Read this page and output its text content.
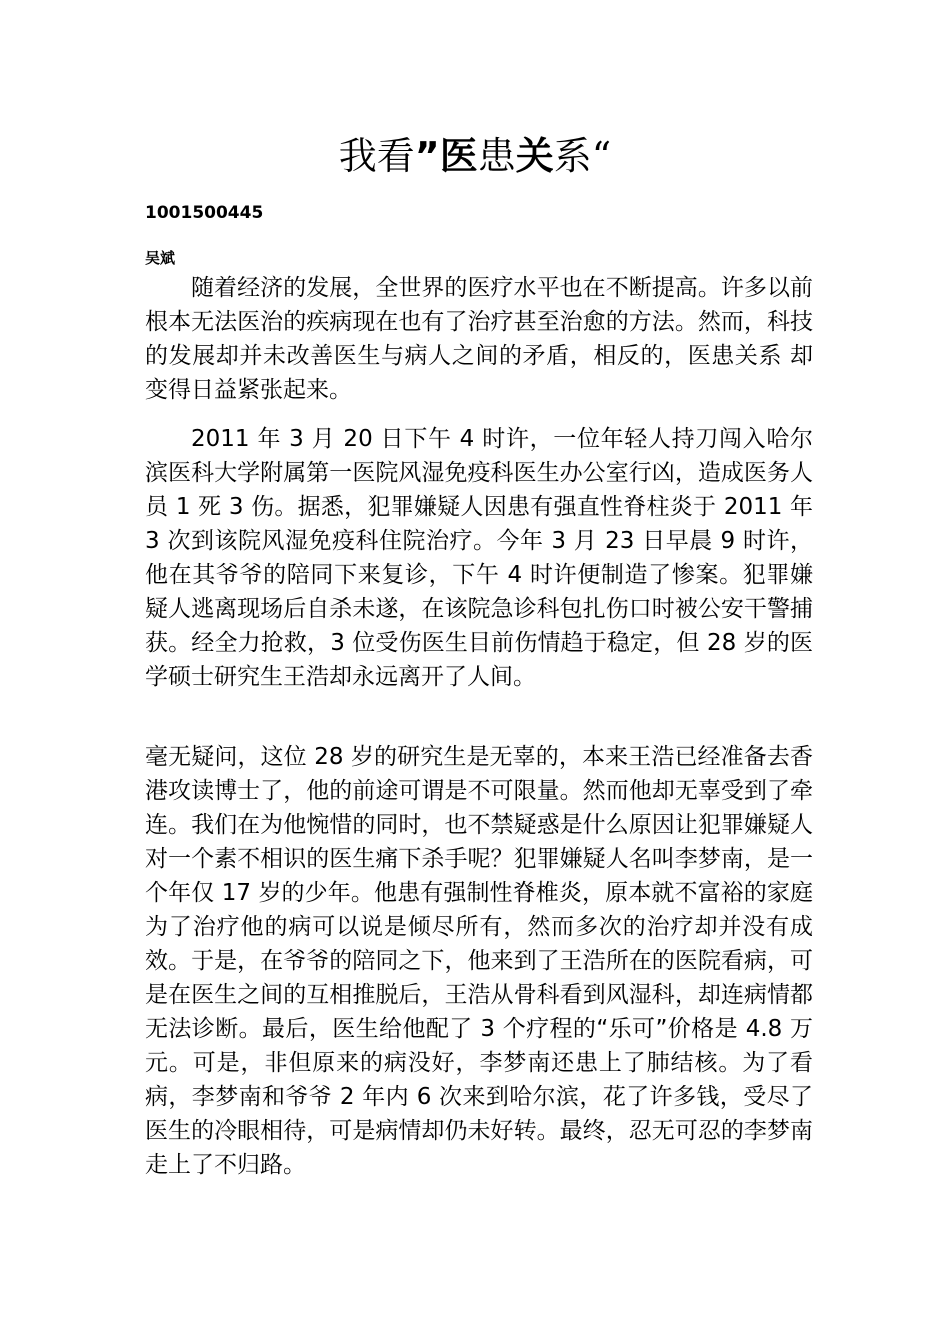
我看”医患关系“
1001500445
吴斌
随着经济的发展，全世界的医疗水平也在不断提高。许多以前根本无法医治的疾病现在也有了治疗甚至治愈的方法。然而，科技的发展却并未改善医生与病人之间的矛盾，相反的，医患关系 却变得日益紧张起来。
2011 年 3 月 20 日下午 4 时许，一位年轻人持刀闯入哈尔滨医科大学附属第一医院风湿免疫科医生办公室行凶，造成医务人员 1 死 3 伤。据悉，犯罪嫌疑人因患有强直性脊柱炎于 2011 年 3 次到该院风湿免疫科住院治疗。今年 3 月 23 日早晨 9 时许，他在其爷爷的陪同下来复诊，下午 4 时许便制造了惨案。犯罪嫌疑人逃离现场后自杀未遂，在该院急诊科包扎伤口时被公安干警捕获。经全力抢救，3 位受伤医生目前伤情趋于稳定，但 28 岁的医学硕士研究生王浩却永远离开了人间。
毫无疑问，这位 28 岁的研究生是无辜的，本来王浩已经准备去香港攻读博士了，他的前途可谓是不可限量。然而他却无辜受到了牵连。我们在为他惋惜的同时，也不禁疑惑是什么原因让犯罪嫌疑人对一个素不相识的医生痛下杀手呢？犯罪嫌疑人名叫李梦南，是一个年仅 17 岁的少年。他患有强制性脊椎炎，原本就不富裕的家庭为了治疗他的病可以说是倾尽所有，然而多次的治疗却并没有成效。于是，在爷爷的陪同之下，他来到了王浩所在的医院看病，可是在医生之间的互相推脱后，王浩从骨科看到风湿科，却连病情都无法诊断。最后，医生给他配了 3 个疗程的“乐可”价格是 4.8 万元。可是，非但原来的病没好，李梦南还患上了肺结核。为了看病，李梦南和爷爷 2 年内 6 次来到哈尔滨，花了许多钱，受尽了医生的冷眼相待，可是病情却仍未好转。最终，忍无可忍的李梦南走上了不归路。
